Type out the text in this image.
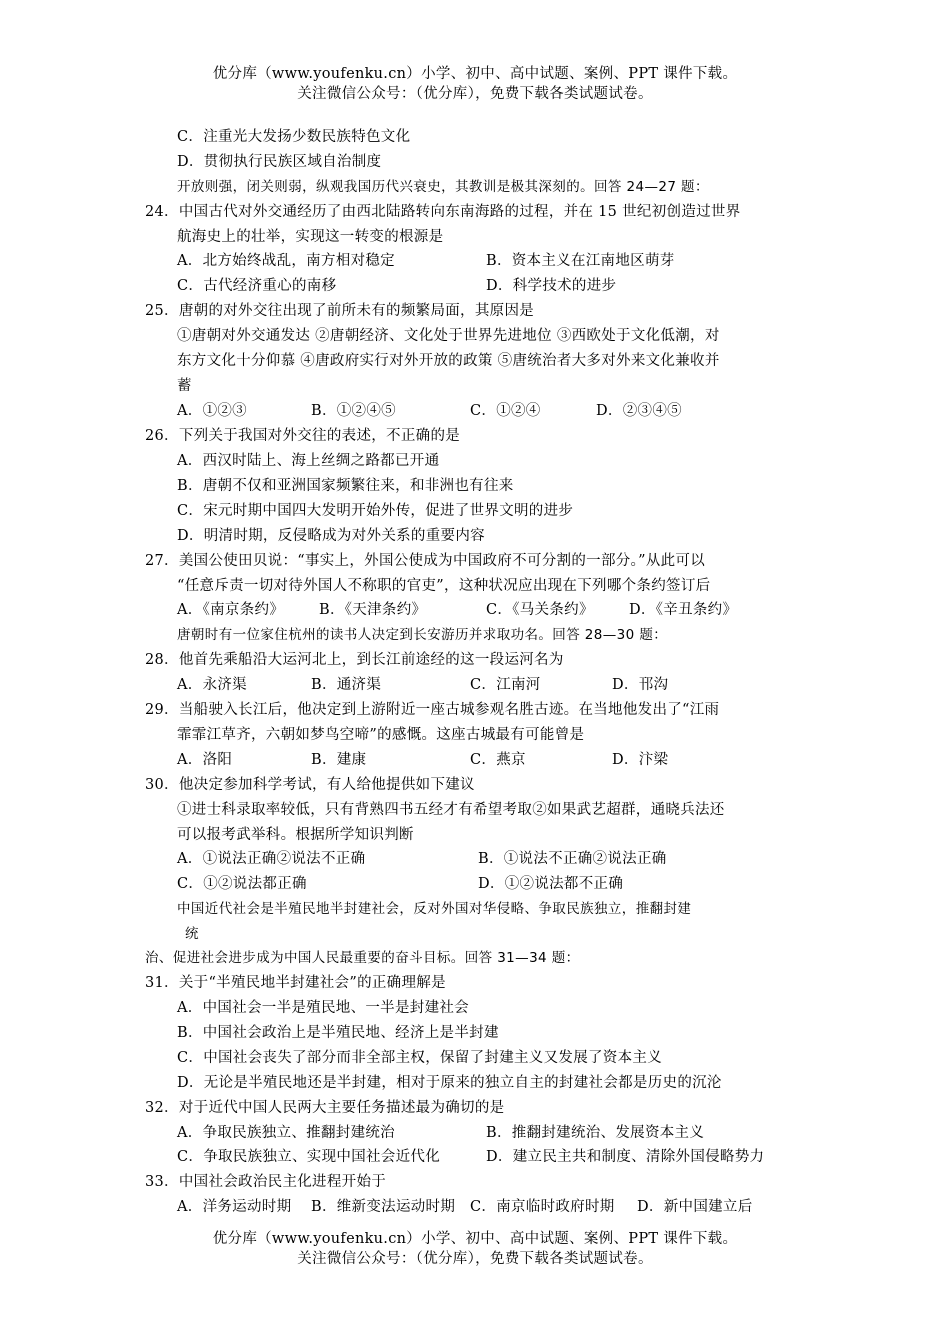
优分库（www.youfenku.cn）小学、初中、高中试题、案例、PPT 课件下载。
关注微信公众号：（优分库），免费下载各类试题试卷。
C．注重光大发扬少数民族特色文化
D．贯彻执行民族区域自治制度
开放则强，闭关则弱，纵观我国历代兴衰史，其教训是极其深刻的。回答 24—27 题：
24．中国古代对外交通经历了由西北陆路转向东南海路的过程，并在 15 世纪初创造过世界
航海史上的壮举，实现这一转变的根源是
A．北方始终战乱，南方相对稳定	B．资本主义在江南地区萌芽
C．古代经济重心的南移	D．科学技术的进步
25．唐朝的对外交往出现了前所未有的频繁局面，其原因是
①唐朝对外交通发达 ②唐朝经济、文化处于世界先进地位 ③西欧处于文化低潮，对
东方文化十分仰慕 ④唐政府实行对外开放的政策 ⑤唐统治者大多对外来文化兼收并
蓄
A．①②③	B．①②④⑤	C．①②④	D．②③④⑤
26．下列关于我国对外交往的表述，不正确的是
A．西汉时陆上、海上丝绸之路都已开通
B．唐朝不仅和亚洲国家频繁往来，和非洲也有往来
C．宋元时期中国四大发明开始外传，促进了世界文明的进步
D．明清时期，反侵略成为对外关系的重要内容
27．美国公使田贝说：“事实上，外国公使成为中国政府不可分割的一部分。”从此可以
“任意斥责一切对待外国人不称职的官吏”，这种状况应出现在下列哪个条约签订后
A．《南京条约》 B．《天津条约》	C．《马关条约》 D．《辛丑条约》
唐朝时有一位家住杭州的读书人决定到长安游历并求取功名。回答 28—30 题：
28．他首先乘船沿大运河北上，到长江前途经的这一段运河名为
A．永济渠	B．通济渠	C．江南河	D．邗沟
29．当船驶入长江后，他决定到上游附近一座古城参观名胜古迹。在当地他发出了“江雨
霏霏江草齐，六朝如梦鸟空啼”的感慨。这座古城最有可能曾是
A．洛阳	B．建康	C．燕京	D．汴梁
30．他决定参加科学考试，有人给他提供如下建议
①进士科录取率较低，只有背熟四书五经才有希望考取②如果武艺超群，通晓兵法还
可以报考武举科。根据所学知识判断
A．①说法正确②说法不正确	B．①说法不正确②说法正确
C．①②说法都正确	D．①②说法都不正确
中国近代社会是半殖民地半封建社会，反对外国对华侵略、争取民族独立，推翻封建
统
治、促进社会进步成为中国人民最重要的奋斗目标。回答 31—34 题：
31．关于“半殖民地半封建社会”的正确理解是
A．中国社会一半是殖民地、一半是封建社会
B．中国社会政治上是半殖民地、经济上是半封建
C．中国社会丧失了部分而非全部主权，保留了封建主义又发展了资本主义
D．无论是半殖民地还是半封建，相对于原来的独立自主的封建社会都是历史的沉沦
32．对于近代中国人民两大主要任务描述最为确切的是
A．争取民族独立、推翻封建统治	B．推翻封建统治、发展资本主义
C．争取民族独立、实现中国社会近代化	D．建立民主共和制度、清除外国侵略势力
33．中国社会政治民主化进程开始于
A．洋务运动时期 B．维新变法运动时期 C．南京临时政府时期 D．新中国建立后
优分库（www.youfenku.cn）小学、初中、高中试题、案例、PPT 课件下载。
关注微信公众号：（优分库），免费下载各类试题试卷。
